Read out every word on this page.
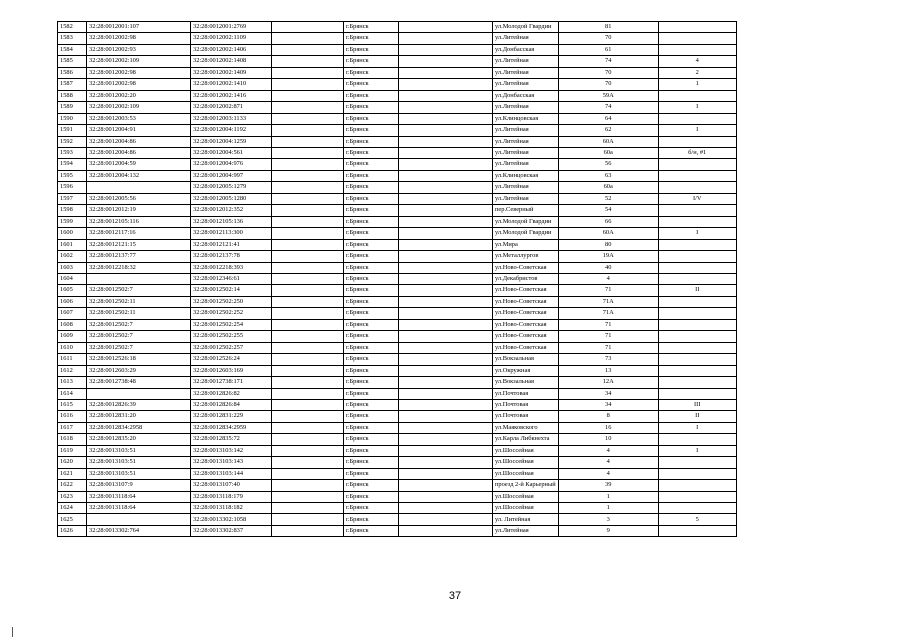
1582	32:28:0012001:107	32:28:0012001:2769		г.Брянск		ул.Молодой Гвардии	81	
1583	32:28:0012002:98	32:28:0012002:1109		г.Брянск		ул.Литейная	70	
1584	32:28:0012002:93	32:28:0012002:1406		г.Брянск		ул.Донбасская	61	
1585	32:28:0012002:109	32:28:0012002:1408		г.Брянск		ул.Литейная	74	4
1586	32:28:0012002:98	32:28:0012002:1409		г.Брянск		ул.Литейная	70	2
1587	32:28:0012002:98	32:28:0012002:1410		г.Брянск		ул.Литейная	70	1
1588	32:28:0012002:20	32:28:0012002:1416		г.Брянск		ул.Донбасская	59А	
1589	32:28:0012002:109	32:28:0012002:871		г.Брянск		ул.Литейная	74	I
1590	32:28:0012003:53	32:28:0012003:1133		г.Брянск		ул.Клинцовская	64	
1591	32:28:0012004:91	32:28:0012004:1192		г.Брянск		ул.Литейная	62	I
1592	32:28:0012004:86	32:28:0012004:1259		г.Брянск		ул.Литейная	60А	
1593	32:28:0012004:86	32:28:0012004:561		г.Брянск		ул.Литейная	60а	б/н, #1
1594	32:28:0012004:59	32:28:0012004:976		г.Брянск		ул.Литейная	56	
1595	32:28:0012004:132	32:28:0012004:997		г.Брянск		ул.Клинцовская	63	
1596		32:28:0012005:1279		г.Брянск		ул.Литейная	60а	
1597	32:28:0012005:56	32:28:0012005:1280		г.Брянск		ул.Литейная	52	I/V
1598	32:28:0012012:19	32:28:0012012:352		г.Брянск		пер.Северный	54	
1599	32:28:0012105:116	32:28:0012105:136		г.Брянск		ул.Молодой Гвардии	66	
1600	32:28:0012117:16	32:28:0012113:300		г.Брянск		ул.Молодой Гвардии	60А	I
1601	32:28:0012121:15	32:28:0012121:41		г.Брянск		ул.Мира	80	
1602	32:28:0012137:77	32:28:0012137:78		г.Брянск		ул.Металлургов	19А	
1603	32:28:0012218:32	32:28:0012218:393		г.Брянск		ул.Ново-Советская	40	
1604		32:28:0012346:61		г.Брянск		ул.Декабристов	4	
1605	32:28:0012502:7	32:28:0012502:14		г.Брянск		ул.Ново-Советская	71	II
1606	32:28:0012502:11	32:28:0012502:250		г.Брянск		ул.Ново-Советская	71А	
1607	32:28:0012502:11	32:28:0012502:252		г.Брянск		ул.Ново-Советская	71А	
1608	32:28:0012502:7	32:28:0012502:254		г.Брянск		ул.Ново-Советская	71	
1609	32:28:0012502:7	32:28:0012502:255		г.Брянск		ул.Ново-Советская	71	
1610	32:28:0012502:7	32:28:0012502:257		г.Брянск		ул.Ново-Советская	71	
1611	32:28:0012526:18	32:28:0012526:24		г.Брянск		ул.Вокзальная	73	
1612	32:28:0012603:29	32:28:0012603:169		г.Брянск		ул.Окружная	13	
1613	32:28:0012738:48	32:28:0012738:171		г.Брянск		ул.Вокзальная	12А	
1614		32:28:0012826:82		г.Брянск		ул.Почтовая	34	
1615	32:28:0012826:39	32:28:0012826:84		г.Брянск		ул.Почтовая	34	III
1616	32:28:0012831:20	32:28:0012831:229		г.Брянск		ул.Почтовая	8	II
1617	32:28:0012834:2958	32:28:0012834:2959		г.Брянск		ул.Маяковского	16	I
1618	32:28:0012835:20	32:28:0012835:72		г.Брянск		ул.Карла Либкнехта	10	
1619	32:28:0013103:51	32:28:0013103:142		г.Брянск		ул.Шоссейная	4	I
1620	32:28:0013103:51	32:28:0013103:143		г.Брянск		ул.Шоссейная	4	
1621	32:28:0013103:51	32:28:0013103:144		г.Брянск		ул.Шоссейная	4	
1622	32:28:0013107:9	32:28:0013107:40		г.Брянск		проезд 2-й Карьерный	39	
1623	32:28:0013118:64	32:28:0013118:179		г.Брянск		ул.Шоссейная	1	
1624	32:28:0013118:64	32:28:0013118:182		г.Брянск		ул.Шоссейная	1	
1625		32:28:0013302:1058		г.Брянск		ул. Литейная	3	5
1626	32:28:0013302:764	32:28:0013302:837		г.Брянск		ул.Литейная	9	
37
